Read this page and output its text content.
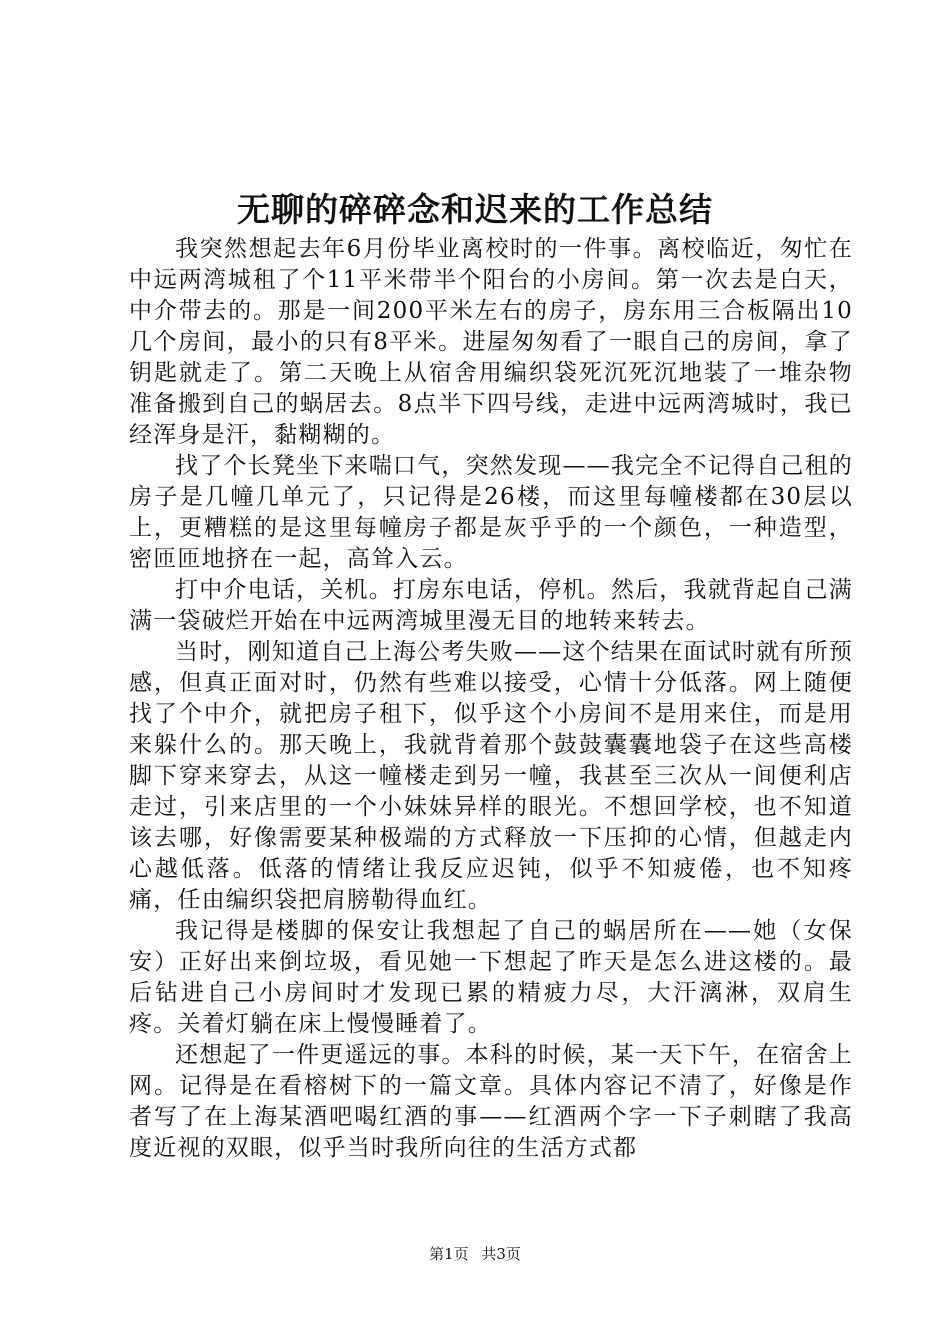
无聊的碎碎念和迟来的工作总结

我突然想起去年6月份毕业离校时的一件事。离校临近，匆忙在中远两湾城租了个11平米带半个阳台的小房间。第一次去是白天，中介带去的。那是一间200平米左右的房子，房东用三合板隔出10几个房间，最小的只有8平米。进屋匆匆看了一眼自己的房间，拿了钥匙就走了。第二天晚上从宿舍用编织袋死沉死沉地装了一堆杂物准备搬到自己的蜗居去。8点半下四号线，走进中远两湾城时，我已经浑身是汗，黏糊糊的。

找了个长凳坐下来喘口气，突然发现——我完全不记得自己租的房子是几幢几单元了，只记得是26楼，而这里每幢楼都在30层以上，更糟糕的是这里每幢房子都是灰乎乎的一个颜色，一种造型，密匝匝地挤在一起，高耸入云。

打中介电话，关机。打房东电话，停机。然后，我就背起自己满满一袋破烂开始在中远两湾城里漫无目的地转来转去。

当时，刚知道自己上海公考失败——这个结果在面试时就有所预感，但真正面对时，仍然有些难以接受，心情十分低落。网上随便找了个中介，就把房子租下，似乎这个小房间不是用来住，而是用来躲什么的。那天晚上，我就背着那个鼓鼓囊囊地袋子在这些高楼脚下穿来穿去，从这一幢楼走到另一幢，我甚至三次从一间便利店走过，引来店里的一个小妹妹异样的眼光。不想回学校，也不知道该去哪，好像需要某种极端的方式释放一下压抑的心情，但越走内心越低落。低落的情绪让我反应迟钝，似乎不知疲倦，也不知疼痛，任由编织袋把肩膀勒得血红。

我记得是楼脚的保安让我想起了自己的蜗居所在——她（女保安）正好出来倒垃圾，看见她一下想起了昨天是怎么进这楼的。最后钻进自己小房间时才发现已累的精疲力尽，大汗漓淋，双肩生疼。关着灯躺在床上慢慢睡着了。

还想起了一件更遥远的事。本科的时候，某一天下午，在宿舍上网。记得是在看榕树下的一篇文章。具体内容记不清了，好像是作者写了在上海某酒吧喝红酒的事——红酒两个字一下子刺瞎了我高度近视的双眼，似乎当时我所向往的生活方式都

第1页 共3页
